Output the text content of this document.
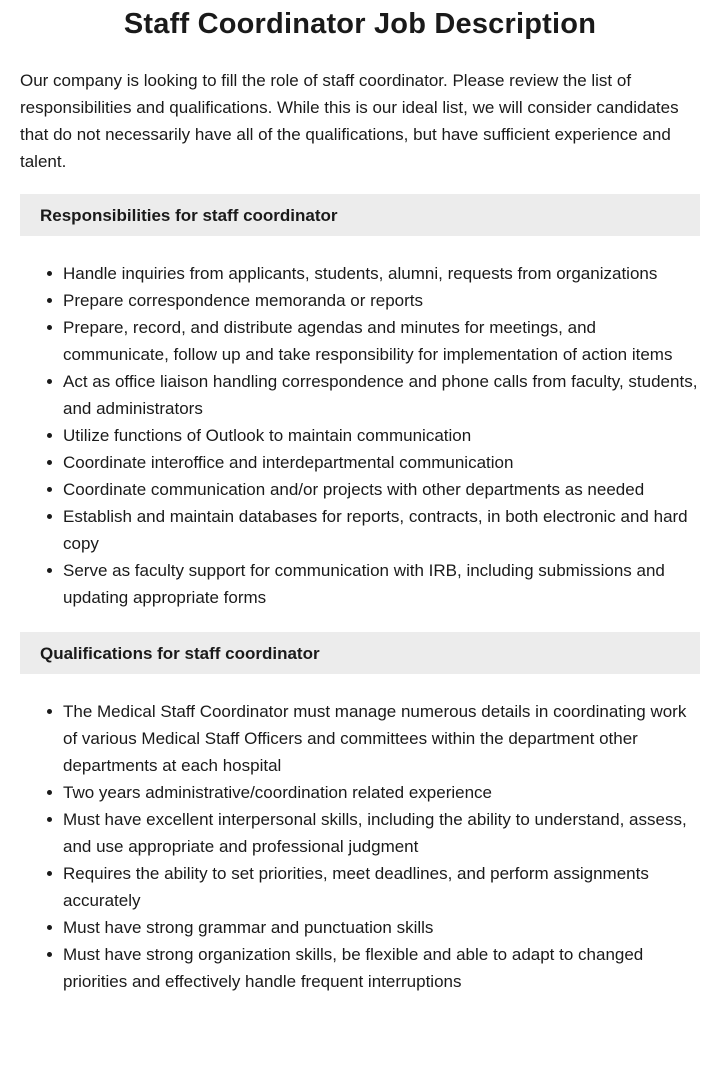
Staff Coordinator Job Description

Our company is looking to fill the role of staff coordinator. Please review the list of responsibilities and qualifications. While this is our ideal list, we will consider candidates that do not necessarily have all of the qualifications, but have sufficient experience and talent.

Responsibilities for staff coordinator
Handle inquiries from applicants, students, alumni, requests from organizations
Prepare correspondence memoranda or reports
Prepare, record, and distribute agendas and minutes for meetings, and communicate, follow up and take responsibility for implementation of action items
Act as office liaison handling correspondence and phone calls from faculty, students, and administrators
Utilize functions of Outlook to maintain communication
Coordinate interoffice and interdepartmental communication
Coordinate communication and/or projects with other departments as needed
Establish and maintain databases for reports, contracts, in both electronic and hard copy
Serve as faculty support for communication with IRB, including submissions and updating appropriate forms
Qualifications for staff coordinator
The Medical Staff Coordinator must manage numerous details in coordinating work of various Medical Staff Officers and committees within the department other departments at each hospital
Two years administrative/coordination related experience
Must have excellent interpersonal skills, including the ability to understand, assess, and use appropriate and professional judgment
Requires the ability to set priorities, meet deadlines, and perform assignments accurately
Must have strong grammar and punctuation skills
Must have strong organization skills, be flexible and able to adapt to changed priorities and effectively handle frequent interruptions
